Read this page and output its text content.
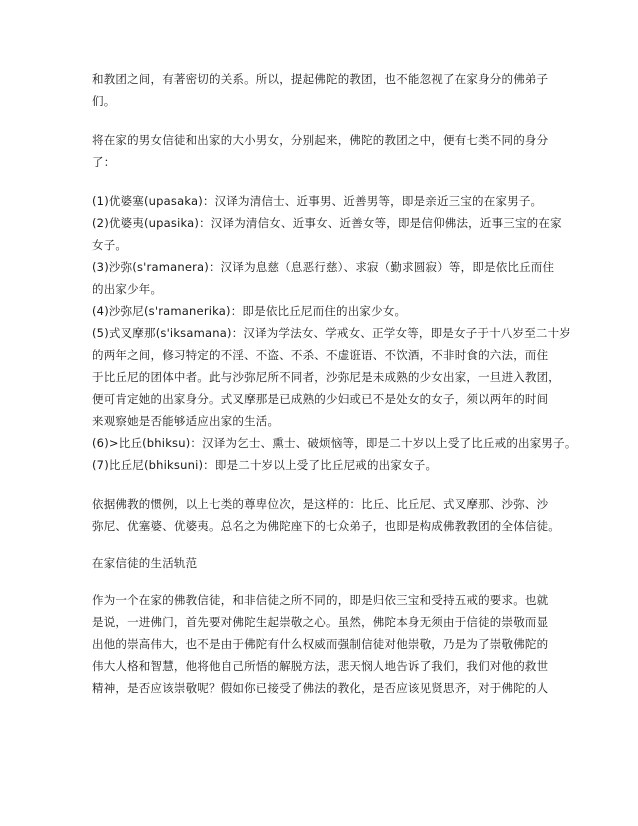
和教团之间，有著密切的关系。所以，提起佛陀的教团，也不能忽视了在家身分的佛弟子
们。

将在家的男女信徒和出家的大小男女，分别起来，佛陀的教团之中，便有七类不同的身分
了：

(1)优婆塞(upasaka)：汉译为清信士、近事男、近善男等，即是亲近三宝的在家男子。
(2)优婆夷(upasika)：汉译为清信女、近事女、近善女等，即是信仰佛法，近事三宝的在家
女子。
(3)沙弥(s'ramanera)：汉译为息慈（息恶行慈）、求寂（勤求圆寂）等，即是依比丘而住
的出家少年。
(4)沙弥尼(s'ramanerika)：即是依比丘尼而住的出家少女。
(5)式叉摩那(s'iksamana)：汉译为学法女、学戒女、正学女等，即是女子于十八岁至二十岁
的两年之间，修习特定的不淫、不盗、不杀、不虚诳语、不饮酒，不非时食的六法，而住
于比丘尼的团体中者。此与沙弥尼所不同者，沙弥尼是未成熟的少女出家，一旦进入教团，
便可肯定她的出家身分。式叉摩那是已成熟的少妇或已不是处女的女子，须以两年的时间
来观察她是否能够适应出家的生活。
(6)>比丘(bhiksu)：汉译为乞士、熏士、破烦恼等，即是二十岁以上受了比丘戒的出家男子。
(7)比丘尼(bhiksuni)：即是二十岁以上受了比丘尼戒的出家女子。

依据佛教的惯例，以上七类的尊卑位次，是这样的：比丘、比丘尼、式叉摩那、沙弥、沙
弥尼、优塞婆、优婆夷。总名之为佛陀座下的七众弟子，也即是构成佛教教团的全体信徒。

在家信徒的生活轨范

作为一个在家的佛教信徒，和非信徒之所不同的，即是归依三宝和受持五戒的要求。也就
是说，一进佛门，首先要对佛陀生起崇敬之心。虽然，佛陀本身无须由于信徒的崇敬而显
出他的崇高伟大，也不是由于佛陀有什么权威而强制信徒对他崇敬，乃是为了崇敬佛陀的
伟大人格和智慧，他将他自己所悟的解脱方法，悲天悯人地告诉了我们，我们对他的救世
精神，是否应该崇敬呢？假如你已接受了佛法的教化，是否应该见贤思齐，对于佛陀的人
